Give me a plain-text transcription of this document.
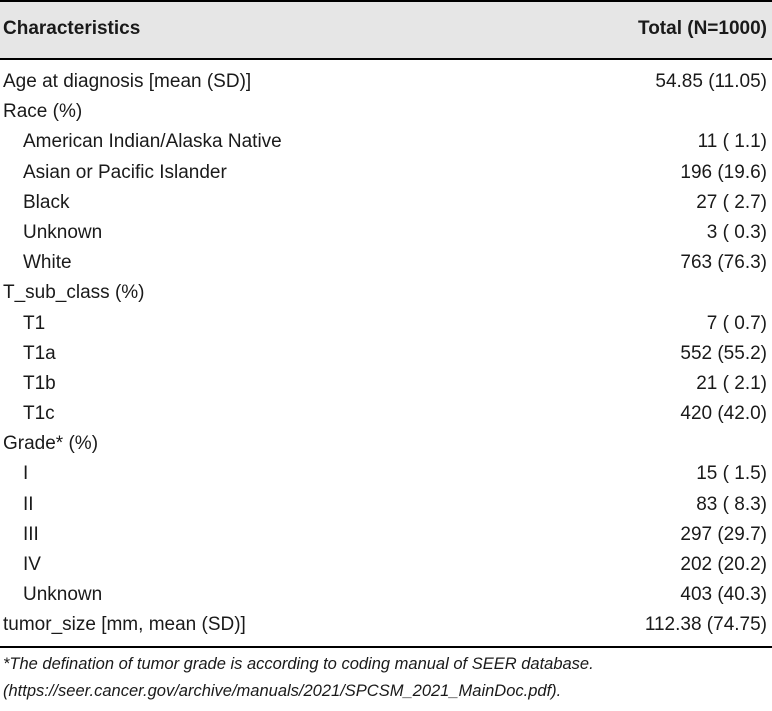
Characteristics	Total (N=1000)
Age at diagnosis [mean (SD)]	54.85 (11.05)
Race (%)
American Indian/Alaska Native	11 ( 1.1)
Asian or Pacific Islander	196 (19.6)
Black	27 ( 2.7)
Unknown	3 ( 0.3)
White	763 (76.3)
T_sub_class (%)
T1	7 ( 0.7)
T1a	552 (55.2)
T1b	21 ( 2.1)
T1c	420 (42.0)
Grade* (%)
I	15 ( 1.5)
II	83 ( 8.3)
III	297 (29.7)
IV	202 (20.2)
Unknown	403 (40.3)
tumor_size [mm, mean (SD)]	112.38 (74.75)
*The defination of tumor grade is according to coding manual of SEER database.(https://seer.cancer.gov/archive/manuals/2021/SPCSM_2021_MainDoc.pdf).
